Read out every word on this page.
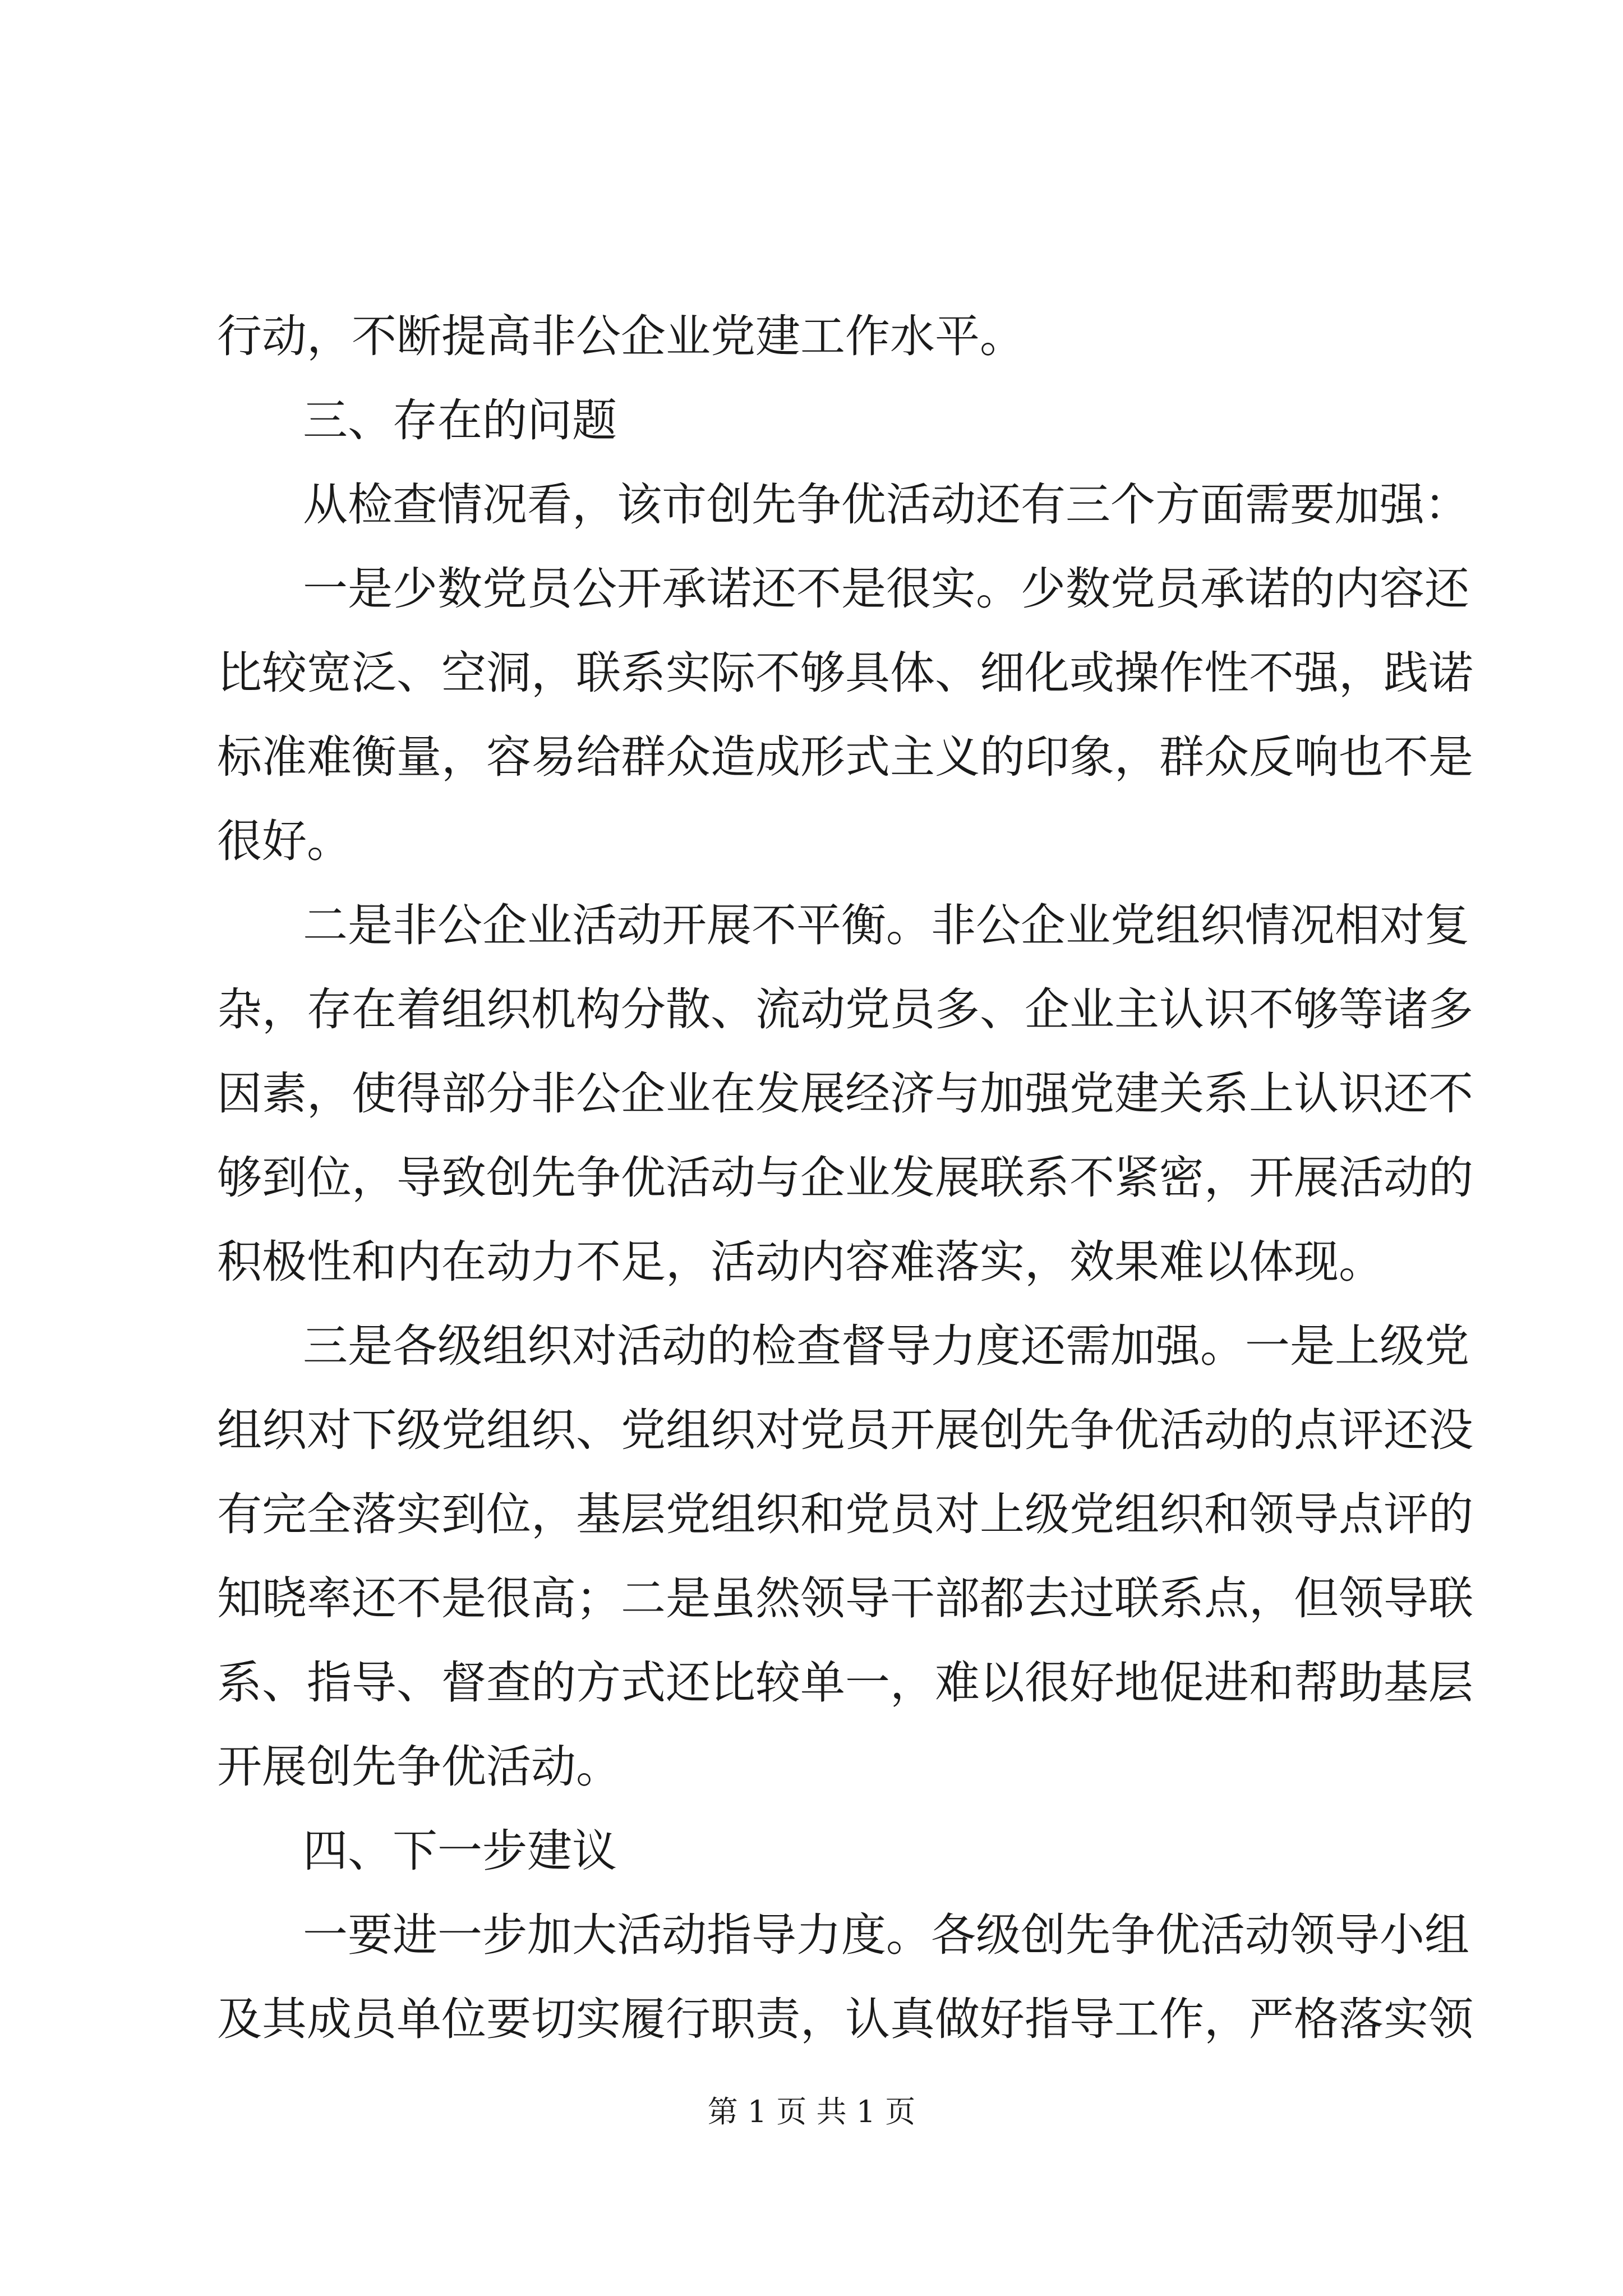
行动，不断提高非公企业党建工作水平。
三、存在的问题
从检查情况看，该市创先争优活动还有三个方面需要加强：
一是少数党员公开承诺还不是很实。少数党员承诺的内容还
比较宽泛、空洞，联系实际不够具体、细化或操作性不强，践诺
标准难衡量，容易给群众造成形式主义的印象，群众反响也不是
很好。
二是非公企业活动开展不平衡。非公企业党组织情况相对复
杂，存在着组织机构分散、流动党员多、企业主认识不够等诸多
因素，使得部分非公企业在发展经济与加强党建关系上认识还不
够到位，导致创先争优活动与企业发展联系不紧密，开展活动的
积极性和内在动力不足，活动内容难落实，效果难以体现。
三是各级组织对活动的检查督导力度还需加强。一是上级党
组织对下级党组织、党组织对党员开展创先争优活动的点评还没
有完全落实到位，基层党组织和党员对上级党组织和领导点评的
知晓率还不是很高；二是虽然领导干部都去过联系点，但领导联
系、指导、督查的方式还比较单一，难以很好地促进和帮助基层
开展创先争优活动。
四、下一步建议
一要进一步加大活动指导力度。各级创先争优活动领导小组
及其成员单位要切实履行职责，认真做好指导工作，严格落实领
第 1 页 共 1 页
